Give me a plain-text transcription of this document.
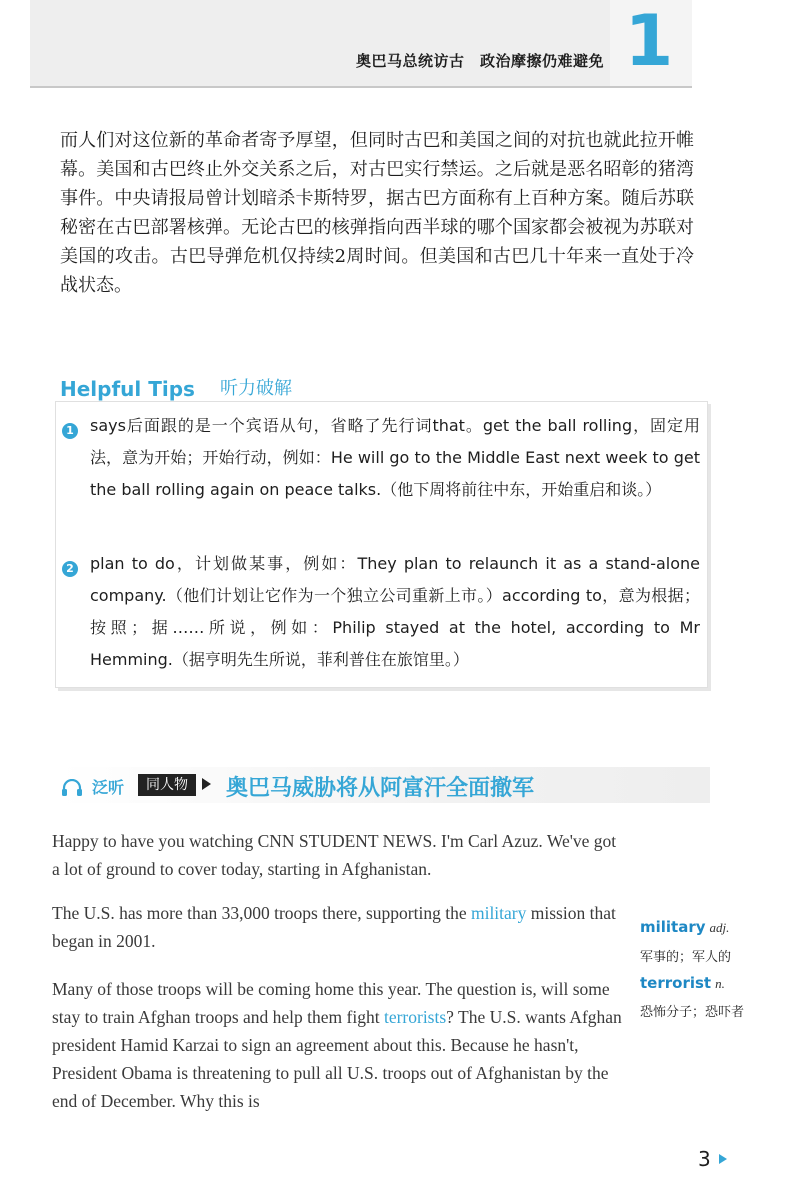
奥巴马总统访古　政治摩擦仍难避免 1
而人们对这位新的革命者寄予厚望，但同时古巴和美国之间的对抗也就此拉开帷幕。美国和古巴终止外交关系之后，对古巴实行禁运。之后就是恶名昭彰的猪湾事件。中央请报局曾计划暗杀卡斯特罗，据古巴方面称有上百种方案。随后苏联秘密在古巴部署核弹。无论古巴的核弹指向西半球的哪个国家都会被视为苏联对美国的攻击。古巴导弹危机仅持续2周时间。但美国和古巴几十年来一直处于冷战状态。
Helpful Tips 听力破解
1 says后面跟的是一个宾语从句，省略了先行词that。get the ball rolling，固定用法，意为开始；开始行动，例如：He will go to the Middle East next week to get the ball rolling again on peace talks.（他下周将前往中东，开始重启和谈。）
2 plan to do，计划做某事，例如：They plan to relaunch it as a stand-alone company.（他们计划让它作为一个独立公司重新上市。）according to，意为根据；按照；据……所说，例如：Philip stayed at the hotel, according to Mr Hemming.（据亨明先生所说，菲利普住在旅馆里。）
泛听	同人物	奥巴马威胁将从阿富汗全面撤军
Happy to have you watching CNN STUDENT NEWS. I'm Carl Azuz. We've got a lot of ground to cover today, starting in Afghanistan.
The U.S. has more than 33,000 troops there, supporting the military mission that began in 2001.
Many of those troops will be coming home this year. The question is, will some stay to train Afghan troops and help them fight terrorists? The U.S. wants Afghan president Hamid Karzai to sign an agreement about this. Because he hasn't, President Obama is threatening to pull all U.S. troops out of Afghanistan by the end of December. Why this is
military adj.
军事的；军人的
terrorist n.
恐怖分子；恐吓者
3
